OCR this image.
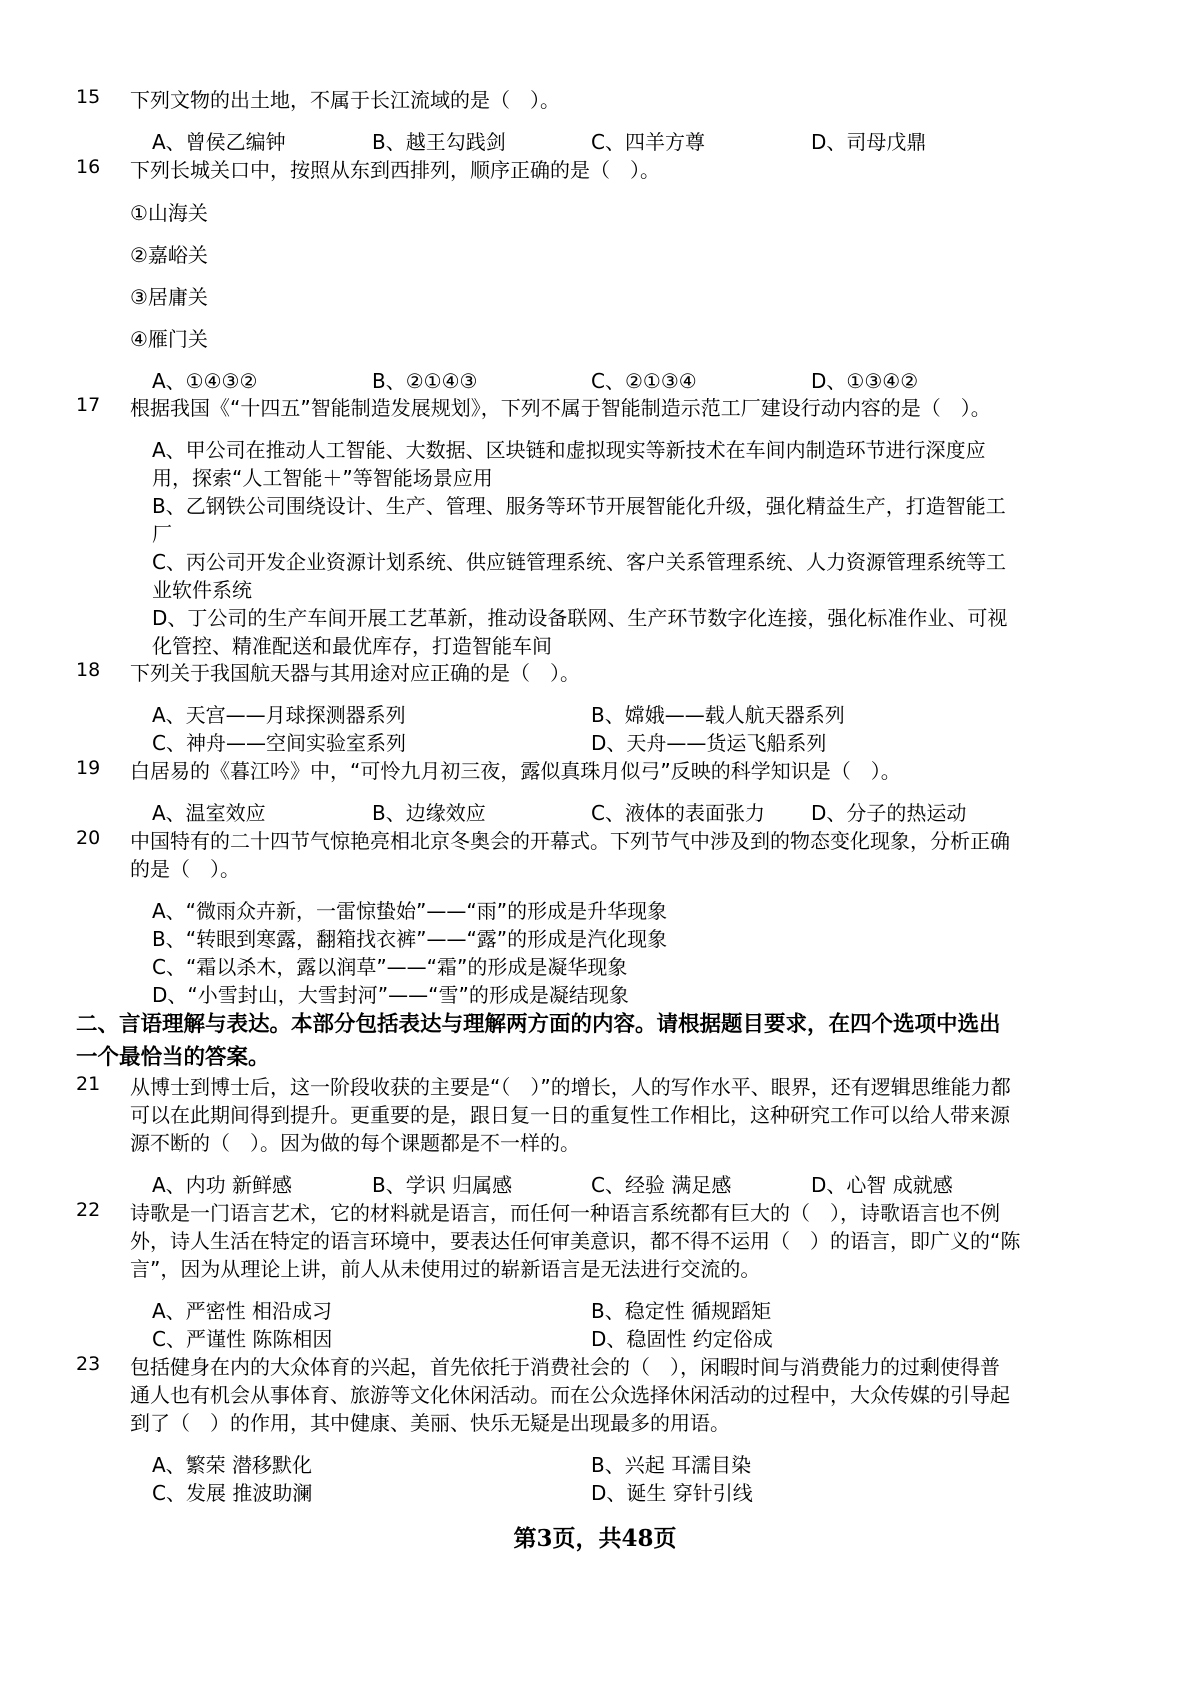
15 下列文物的出土地，不属于长江流域的是（　）。
A、曾侯乙编钟	B、越王勾践剑	C、四羊方尊	D、司母戊鼎
16 下列长城关口中，按照从东到西排列，顺序正确的是（　）。
①山海关
②嘉峪关
③居庸关
④雁门关
A、①④③②	B、②①④③	C、②①③④	D、①③④②
17 根据我国《“十四五”智能制造发展规划》，下列不属于智能制造示范工厂建设行动内容的是（　）。
A、甲公司在推动人工智能、大数据、区块链和虚拟现实等新技术在车间内制造环节进行深度应
用，探索“人工智能＋”等智能场景应用
B、乙钢铁公司围绕设计、生产、管理、服务等环节开展智能化升级，强化精益生产，打造智能工
厂
C、丙公司开发企业资源计划系统、供应链管理系统、客户关系管理系统、人力资源管理系统等工
业软件系统
D、丁公司的生产车间开展工艺革新，推动设备联网、生产环节数字化连接，强化标准作业、可视
化管控、精准配送和最优库存，打造智能车间
18 下列关于我国航天器与其用途对应正确的是（　）。
A、天宫——月球探测器系列	B、嫦娥——载人航天器系列
C、神舟——空间实验室系列	D、天舟——货运飞船系列
19 白居易的《暮江吟》中，“可怜九月初三夜，露似真珠月似弓”反映的科学知识是（　）。
A、温室效应	B、边缘效应	C、液体的表面张力 D、分子的热运动
20 中国特有的二十四节气惊艳亮相北京冬奥会的开幕式。下列节气中涉及到的物态变化现象，分析正确
的是（　）。
A、“微雨众卉新，一雷惊蛰始”——“雨”的形成是升华现象
B、“转眼到寒露，翻箱找衣裤”——“露”的形成是汽化现象
C、“霜以杀木，露以润草”——“霜”的形成是凝华现象
D、“小雪封山，大雪封河”——“雪”的形成是凝结现象
二、言语理解与表达。本部分包括表达与理解两方面的内容。请根据题目要求，在四个选项中选出
一个最恰当的答案。
21 从博士到博士后，这一阶段收获的主要是“（　）”的增长，人的写作水平、眼界，还有逻辑思维能力都
可以在此期间得到提升。更重要的是，跟日复一日的重复性工作相比，这种研究工作可以给人带来源
源不断的（　）。因为做的每个课题都是不一样的。
A、内功 新鲜感	B、学识 归属感	C、经验 满足感	D、心智 成就感
22 诗歌是一门语言艺术，它的材料就是语言，而任何一种语言系统都有巨大的（　），诗歌语言也不例
外，诗人生活在特定的语言环境中，要表达任何审美意识，都不得不运用（　）的语言，即广义的“陈
言”，因为从理论上讲，前人从未使用过的崭新语言是无法进行交流的。
A、严密性 相沿成习	B、稳定性 循规蹈矩
C、严谨性 陈陈相因	D、稳固性 约定俗成
23 包括健身在内的大众体育的兴起，首先依托于消费社会的（　），闲暇时间与消费能力的过剩使得普
通人也有机会从事体育、旅游等文化休闲活动。而在公众选择休闲活动的过程中，大众传媒的引导起
到了（　）的作用，其中健康、美丽、快乐无疑是出现最多的用语。
A、繁荣 潜移默化	B、兴起 耳濡目染
C、发展 推波助澜	D、诞生 穿针引线
第3页，共48页
